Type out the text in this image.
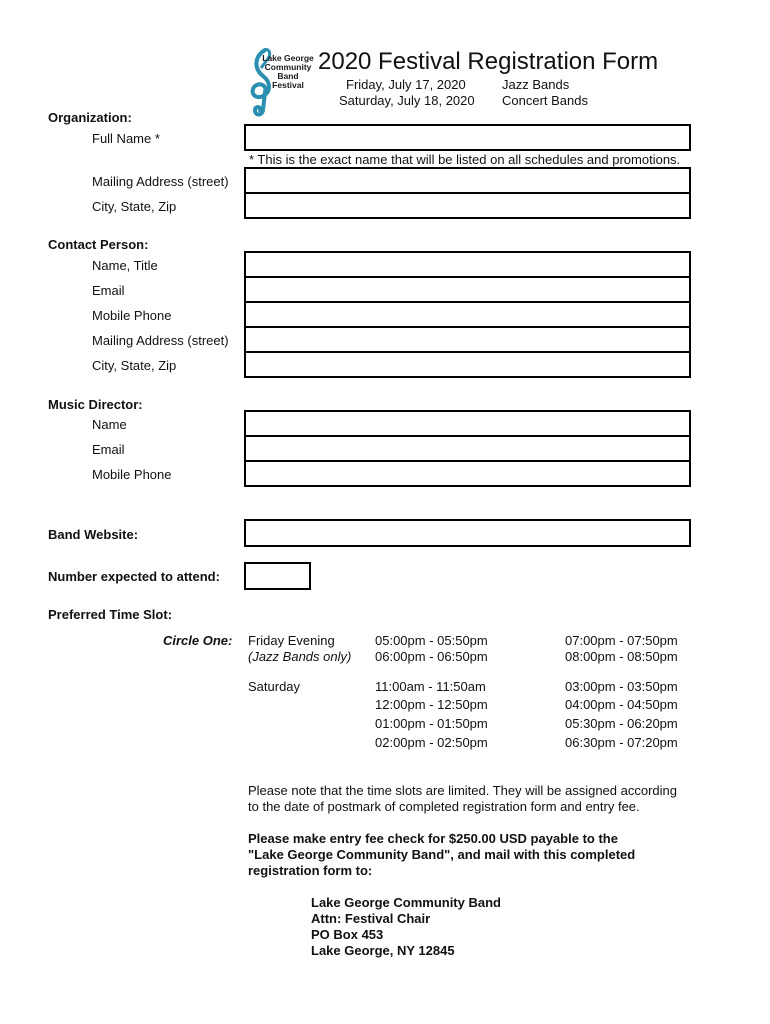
Lake George
Community
Band
Festival
2020 Festival Registration Form
Friday, July 17, 2020
Saturday, July 18, 2020
Jazz Bands
Concert Bands
Organization:
Full Name *
* This is the exact name that will be listed on all schedules and promotions.
Mailing Address (street)
City, State, Zip
Contact Person:
Name, Title
Email
Mobile Phone
Mailing Address (street)
City, State, Zip
Music Director:
Name
Email
Mobile Phone
Band Website:
Number expected to attend:
Preferred Time Slot:
Circle One: Friday Evening
(Jazz Bands only)
05:00pm - 05:50pm
06:00pm - 06:50pm
07:00pm - 07:50pm
08:00pm - 08:50pm
Saturday	11:00am - 11:50am
12:00pm - 12:50pm
01:00pm - 01:50pm
02:00pm - 02:50pm
03:00pm - 03:50pm
04:00pm - 04:50pm
05:30pm - 06:20pm
06:30pm - 07:20pm
Please note that the time slots are limited. They will be assigned according
to the date of postmark of completed registration form and entry fee.
Please make entry fee check for $250.00 USD payable to the
"Lake George Community Band", and mail with this completed
registration form to:
Lake George Community Band
Attn: Festival Chair
PO Box 453
Lake George, NY 12845
